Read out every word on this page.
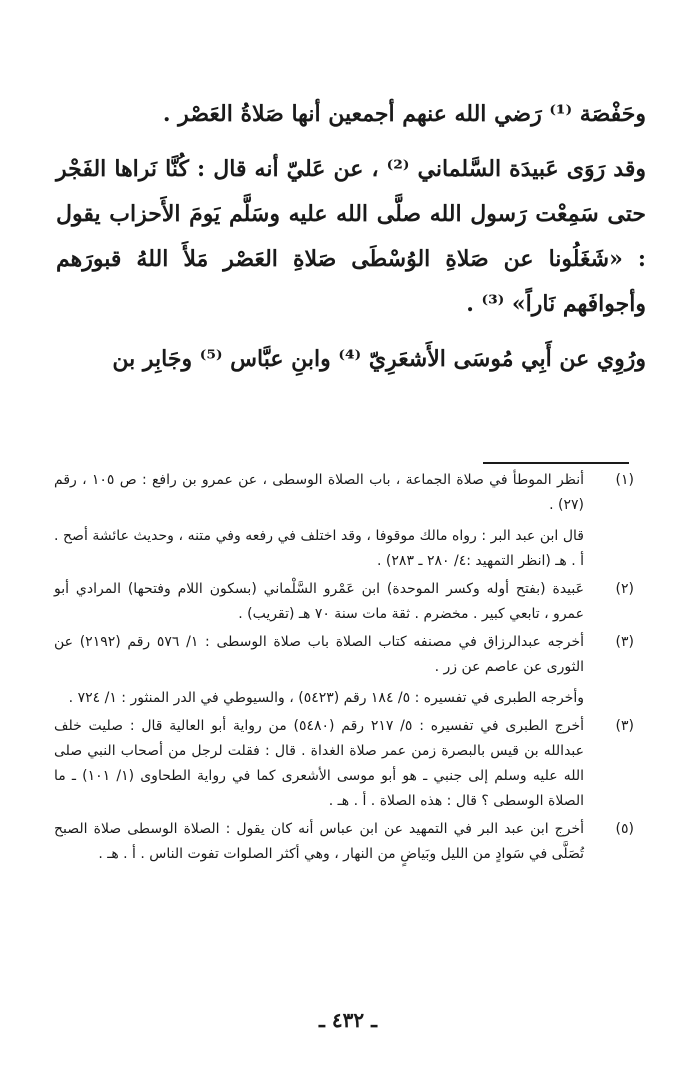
وحَفْصَة ⁽¹⁾ رَضي الله عنهم أجمعين أنها صَلاةُ العَصْر .

وقد رَوَى عَبيدَة السَّلماني ⁽²⁾ ، عن عَليّ أنه قال : كُنَّا نَراها الفَجْر حتى سَمِعْت رَسول الله صلَّى الله عليه وسَلَّم يَومَ الأَحزاب يقول : «شَغَلُونا عن صَلاةِ الوُسْطَى صَلاةِ العَصْر مَلأَ اللهُ قبورَهم وأجوافَهم نَاراً» ⁽³⁾ .

ورُوِي عن أَبِي مُوسَى الأَشعَرِيّ ⁽⁴⁾ وابنِ عبَّاس ⁽⁵⁾ وجَابِر بن

(١)

أنظر الموطأ في صلاة الجماعة ، باب الصلاة الوسطى ، عن عمرو بن رافع : ص ١٠٥ ، رقم (٢٧) .

قال ابن عبد البر : رواه مالك موقوفا ، وقد اختلف في رفعه وفي متنه ، وحديث عائشة أصح . أ . هـ (انظر التمهيد :٤/ ٢٨٠ ـ ٢٨٣) .

(٢)

عَبيدة (بفتح أوله وكسر الموحدة) ابن عَمْرو السَّلْماني (بسكون اللام وفتحها) المرادي أبو عمرو ، تابعي كبير . مخضرم . ثقة مات سنة ٧٠ هـ (تقريب) .

(٣)

أخرجه عبدالرزاق في مصنفه كتاب الصلاة باب صلاة الوسطى : ١/ ٥٧٦ رقم (٢١٩٢) عن الثورى عن عاصم عن زر .

وأخرجه الطبرى في تفسيره : ٥/ ١٨٤ رقم (٥٤٢٣) ، والسيوطي في الدر المنثور : ١/ ٧٢٤ .

(٣)

أخرج الطبرى في تفسيره : ٥/ ٢١٧ رقم (٥٤٨٠) من رواية أبو العالية قال : صليت خلف عبدالله بن قيس بالبصرة زمن عمر صلاة الغداة . قال : فقلت لرجل من أصحاب النبي صلى الله عليه وسلم إلى جنبي ـ هو أبو موسى الأشعرى كما في رواية الطحاوى (١/ ١٠١) ـ ما الصلاة الوسطى ؟ قال : هذه الصلاة . أ . هـ .

(٥)

أخرج ابن عبد البر في التمهيد عن ابن عباس أنه كان يقول : الصلاة الوسطى صلاة الصبح تُصَلَّى في سَوادٍ من الليل وبَياضٍ من النهار ، وهي أكثر الصلوات تفوت الناس . أ . هـ .

ـ ٤٣٢ ـ
